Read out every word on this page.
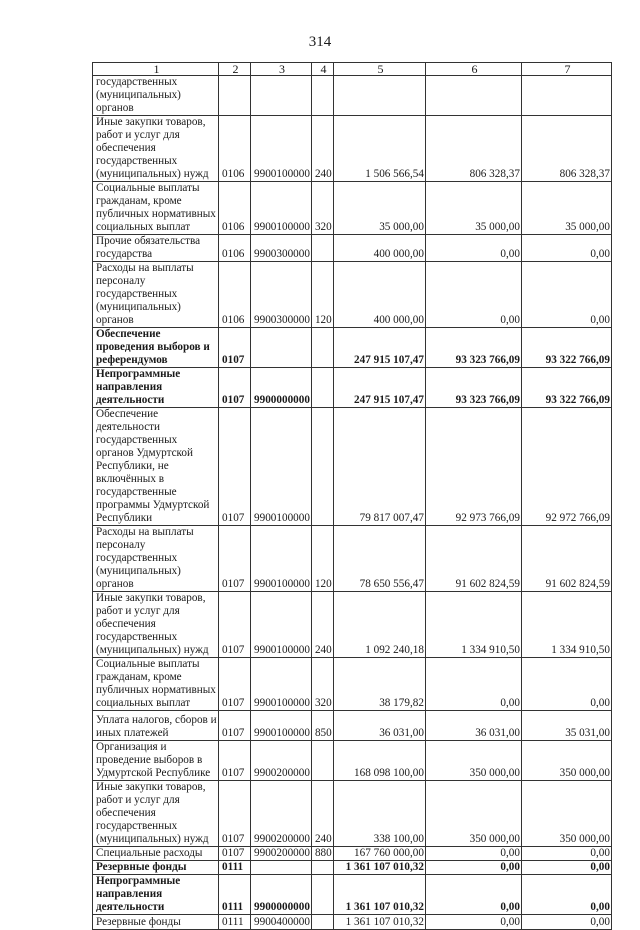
314
1	2	3	4	5	6	7
государственных (муниципальных) органов						
Иные закупки товаров, работ и услуг для обеспечения государственных (муниципальных) нужд	0106	9900100000	240	1 506 566,54	806 328,37	806 328,37
Социальные выплаты гражданам, кроме публичных нормативных социальных выплат	0106	9900100000	320	35 000,00	35 000,00	35 000,00
Прочие обязательства государства	0106	9900300000		400 000,00	0,00	0,00
Расходы на выплаты персоналу государственных (муниципальных) органов	0106	9900300000	120	400 000,00	0,00	0,00
Обеспечение проведения выборов и референдумов	0107			247 915 107,47	93 323 766,09	93 322 766,09
Непрограммные направления деятельности	0107	9900000000		247 915 107,47	93 323 766,09	93 322 766,09
Обеспечение деятельности государственных органов Удмуртской Республики, не включённых в государственные программы Удмуртской Республики	0107	9900100000		79 817 007,47	92 973 766,09	92 972 766,09
Расходы на выплаты персоналу государственных (муниципальных) органов	0107	9900100000	120	78 650 556,47	91 602 824,59	91 602 824,59
Иные закупки товаров, работ и услуг для обеспечения государственных (муниципальных) нужд	0107	9900100000	240	1 092 240,18	1 334 910,50	1 334 910,50
Социальные выплаты гражданам, кроме публичных нормативных социальных выплат	0107	9900100000	320	38 179,82	0,00	0,00
Уплата налогов, сборов и иных платежей	0107	9900100000	850	36 031,00	36 031,00	35 031,00
Организация и проведение выборов в Удмуртской Республике	0107	9900200000		168 098 100,00	350 000,00	350 000,00
Иные закупки товаров, работ и услуг для обеспечения государственных (муниципальных) нужд	0107	9900200000	240	338 100,00	350 000,00	350 000,00
Специальные расходы	0107	9900200000	880	167 760 000,00	0,00	0,00
Резервные фонды	0111			1 361 107 010,32	0,00	0,00
Непрограммные направления деятельности	0111	9900000000		1 361 107 010,32	0,00	0,00
Резервные фонды	0111	9900400000		1 361 107 010,32	0,00	0,00
